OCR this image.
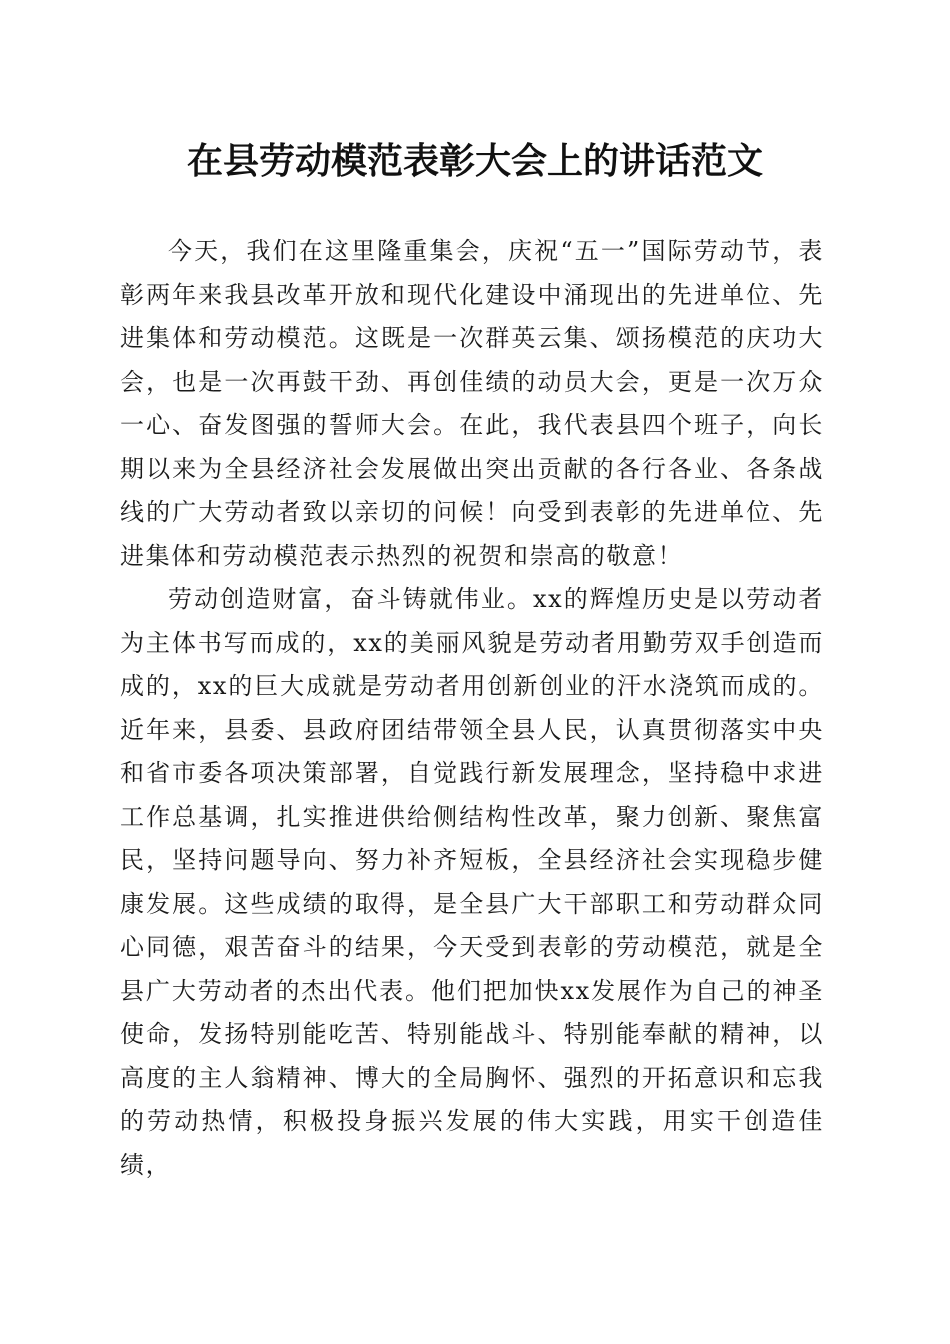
在县劳动模范表彰大会上的讲话范文

今天，我们在这里隆重集会，庆祝“五一”国际劳动节，表彰两年来我县改革开放和现代化建设中涌现出的先进单位、先进集体和劳动模范。这既是一次群英云集、颂扬模范的庆功大会，也是一次再鼓干劲、再创佳绩的动员大会，更是一次万众一心、奋发图强的誓师大会。在此，我代表县四个班子，向长期以来为全县经济社会发展做出突出贡献的各行各业、各条战线的广大劳动者致以亲切的问候！向受到表彰的先进单位、先进集体和劳动模范表示热烈的祝贺和崇高的敬意！

劳动创造财富，奋斗铸就伟业。xx的辉煌历史是以劳动者为主体书写而成的，xx的美丽风貌是劳动者用勤劳双手创造而成的，xx的巨大成就是劳动者用创新创业的汗水浇筑而成的。近年来，县委、县政府团结带领全县人民，认真贯彻落实中央和省市委各项决策部署，自觉践行新发展理念，坚持稳中求进工作总基调，扎实推进供给侧结构性改革，聚力创新、聚焦富民，坚持问题导向、努力补齐短板，全县经济社会实现稳步健康发展。这些成绩的取得，是全县广大干部职工和劳动群众同心同德，艰苦奋斗的结果，今天受到表彰的劳动模范，就是全县广大劳动者的杰出代表。他们把加快xx发展作为自己的神圣使命，发扬特别能吃苦、特别能战斗、特别能奉献的精神，以高度的主人翁精神、博大的全局胸怀、强烈的开拓意识和忘我的劳动热情，积极投身振兴发展的伟大实践，用实干创造佳绩，
